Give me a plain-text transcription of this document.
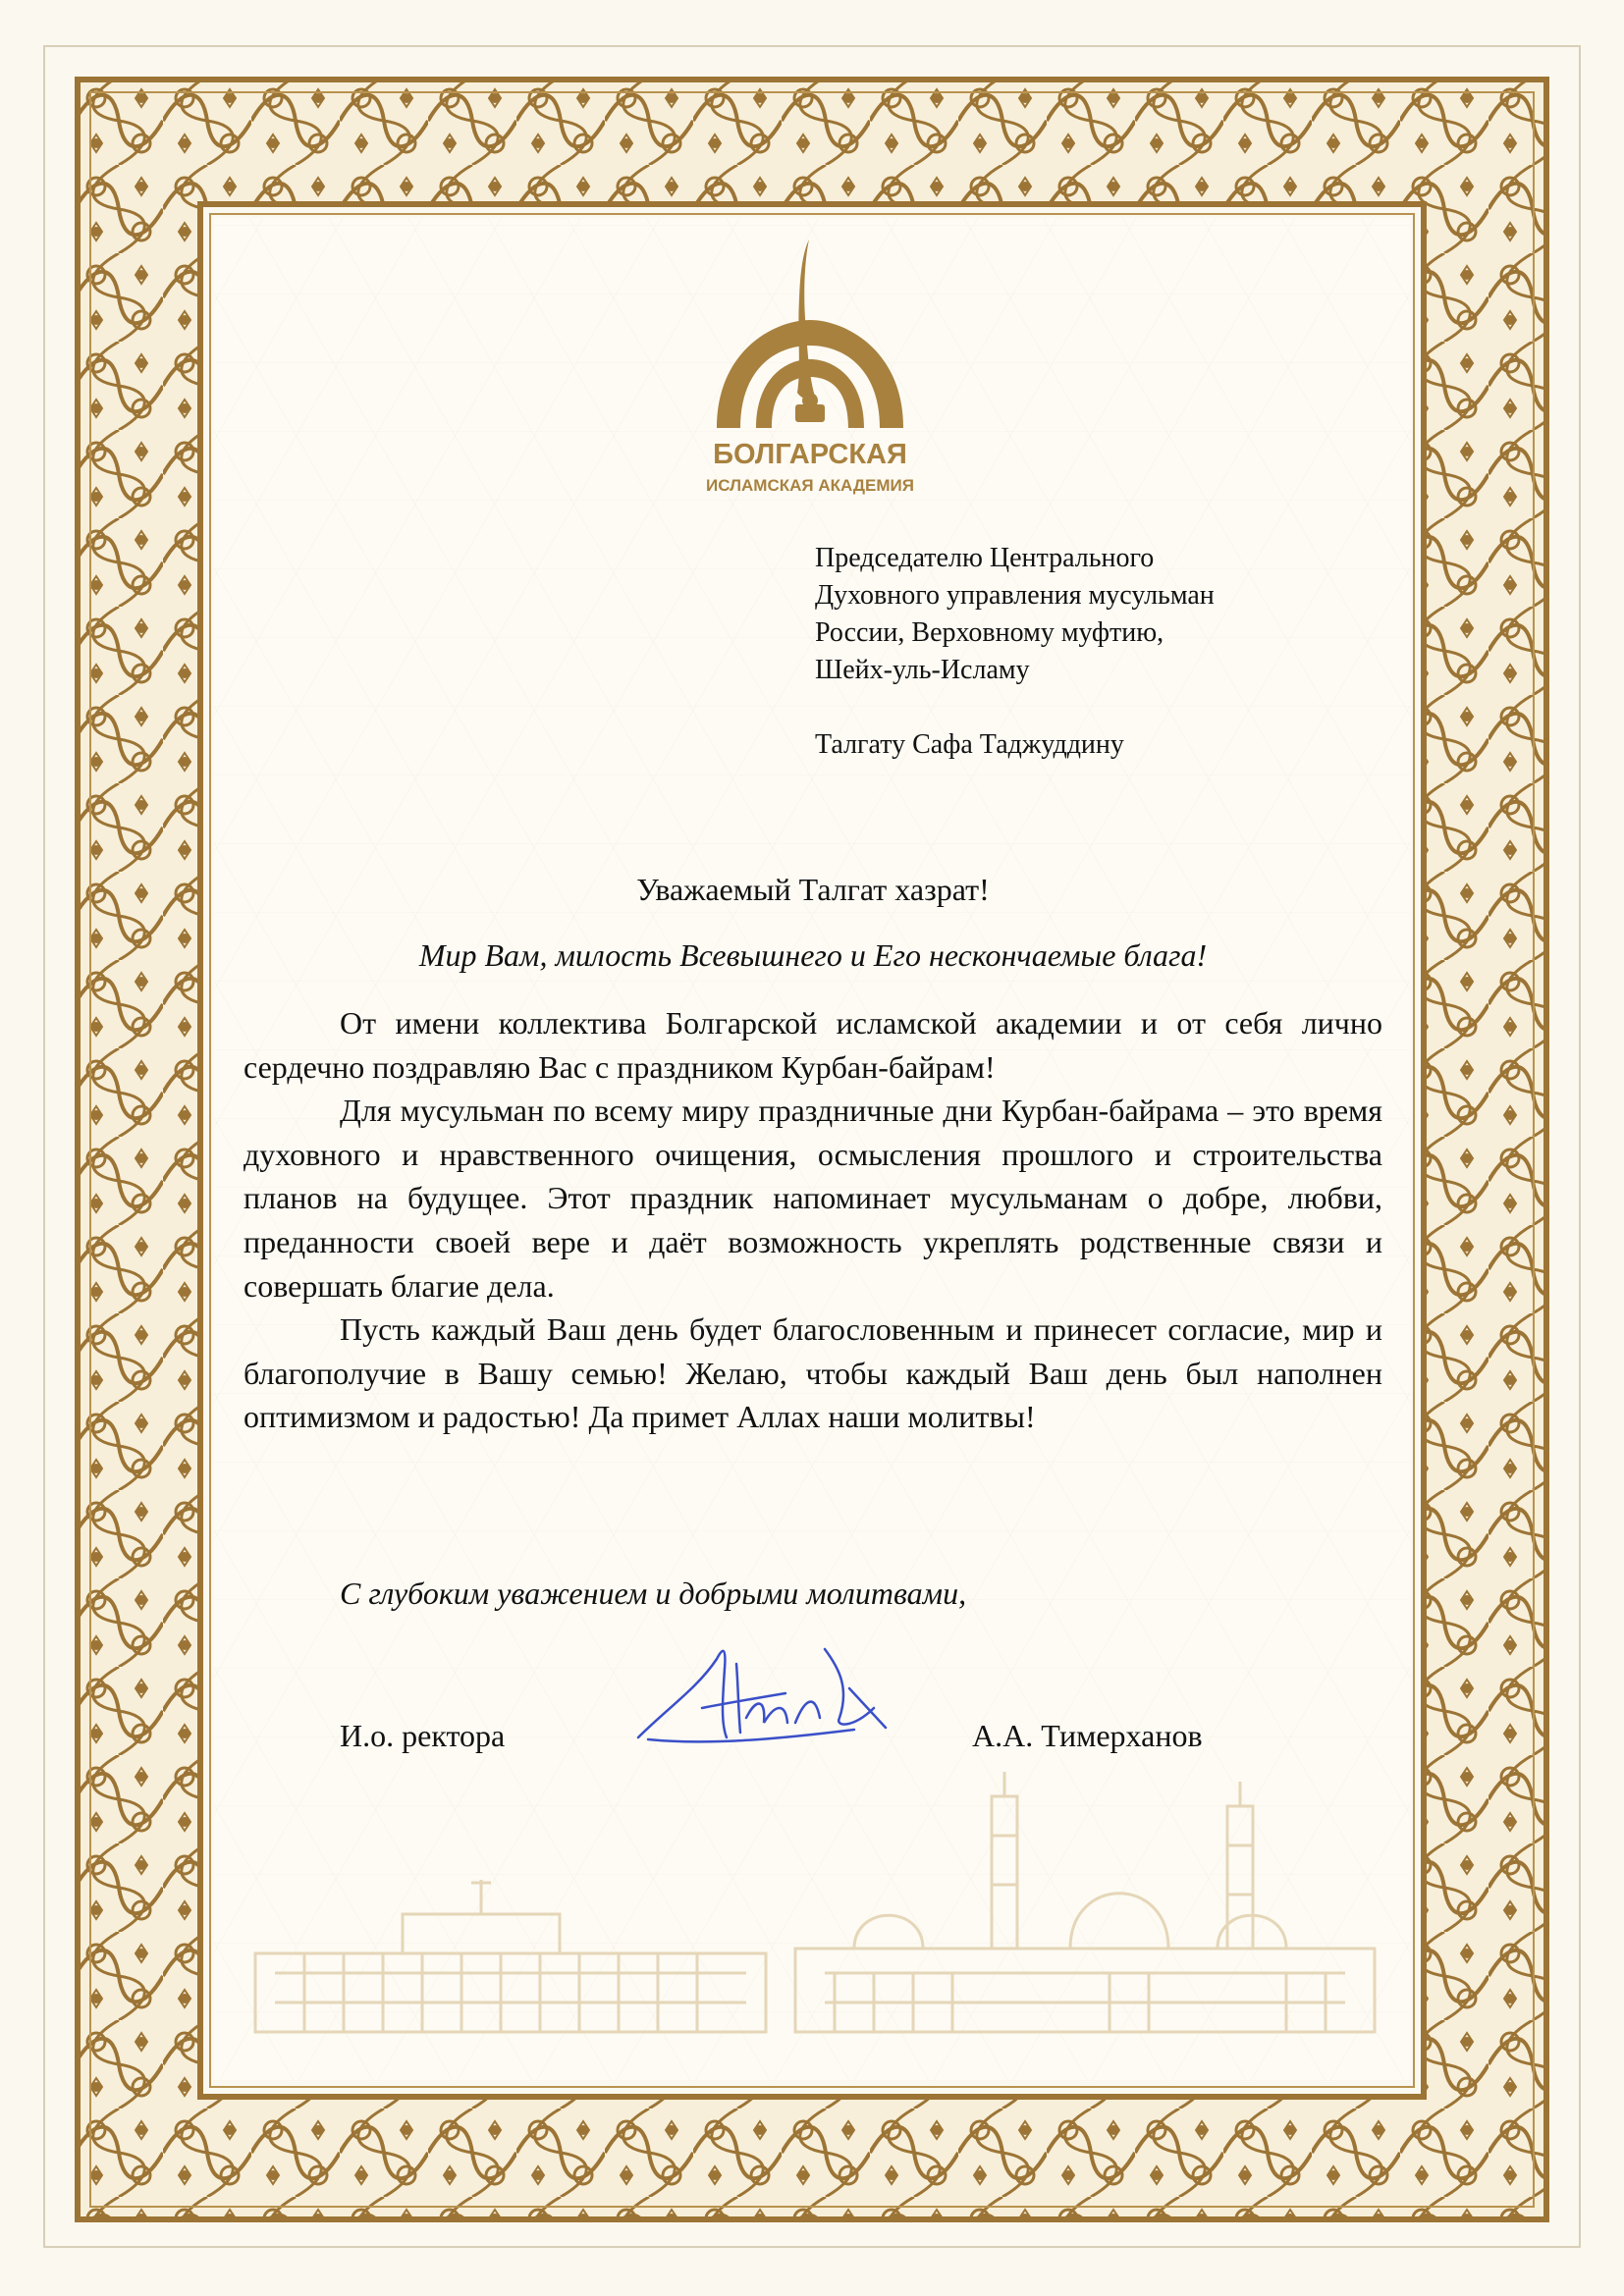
БОЛГАРСКАЯ
ИСЛАМСКАЯ АКАДЕМИЯ
Председателю Центрального
Духовного управления мусульман
России, Верховному муфтию,
Шейх-уль-Исламу
Талгату Сафа Таджуддину
Уважаемый Талгат хазрат!
Мир Вам, милость Всевышнего и Его нескончаемые блага!

От имени коллектива Болгарской исламской академии и от себя лично сердечно поздравляю Вас с праздником Курбан-байрам!

Для мусульман по всему миру праздничные дни Курбан-байрама – это время духовного и нравственного очищения, осмысления прошлого и строительства планов на будущее. Этот праздник напоминает мусульманам о добре, любви, преданности своей вере и даёт возможность укреплять родственные связи и совершать благие дела.

Пусть каждый Ваш день будет благословенным и принесет согласие, мир и благополучие в Вашу семью! Желаю, чтобы каждый Ваш день был наполнен оптимизмом и радостью! Да примет Аллах наши молитвы!

С глубоким уважением и добрыми молитвами,
И.о. ректора	А.А. Тимерханов
